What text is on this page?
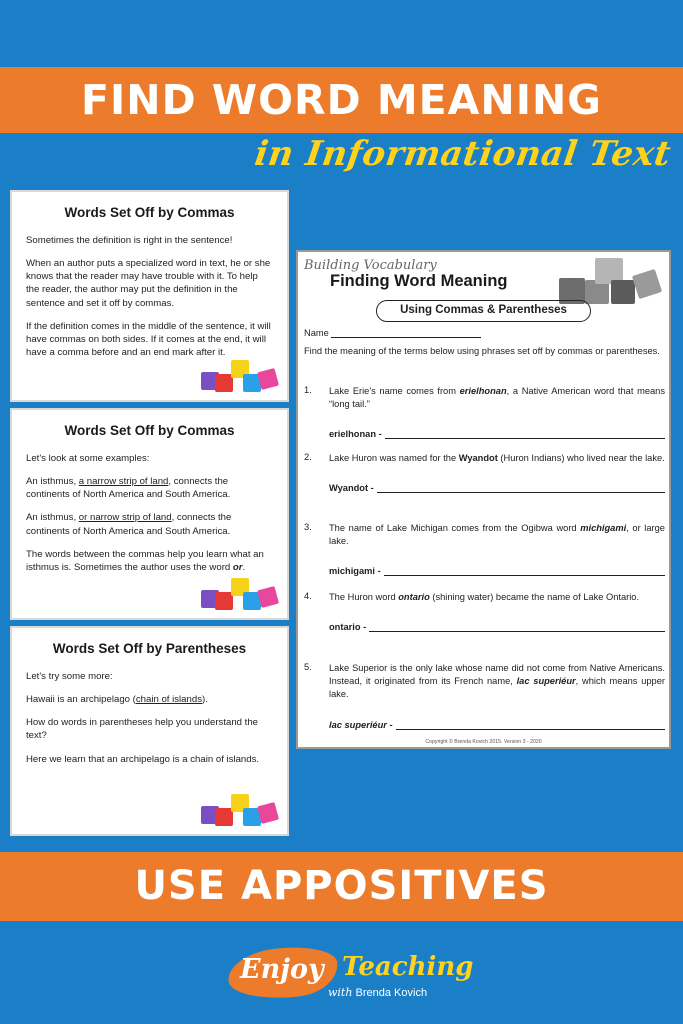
FIND WORD MEANING
in Informational Text
Words Set Off by Commas

Sometimes the definition is right in the sentence!

When an author puts a specialized word in text, he or she knows that the reader may have trouble with it. To help the reader, the author may put the definition in the sentence and set it off by commas.

If the definition comes in the middle of the sentence, it will have commas on both sides. If it comes at the end, it will have a comma before and an end mark after it.

Words Set Off by Commas

Let's look at some examples:

An isthmus, a narrow strip of land, connects the continents of North America and South America.

An isthmus, or narrow strip of land, connects the continents of North America and South America.

The words between the commas help you learn what an isthmus is. Sometimes the author uses the word or.

Words Set Off by Parentheses

Let's try some more:

Hawaii is an archipelago (chain of islands).

How do words in parentheses help you understand the text?

Here we learn that an archipelago is a chain of islands.

Building Vocabulary
Finding Word Meaning
Using Commas & Parentheses
Name
Find the meaning of the terms below using phrases set off by commas or parentheses.
1. Lake Erie's name comes from erielhonan, a Native American word that means “long tail.”
erielhonan -
2. Lake Huron was named for the Wyandot (Huron Indians) who lived near the lake.
Wyandot -
3. The name of Lake Michigan comes from the Ogibwa word michigami, or large lake.
michigami -
4. The Huron word ontario (shining water) became the name of Lake Ontario.
ontario -
5. Lake Superior is the only lake whose name did not come from Native Americans. Instead, it originated from its French name, lac superiéur, which means upper lake.
lac superiéur -
Copyright © Brenda Kovich 2015. Version 3 - 2020
USE APPOSITIVES
Enjoy Teaching
with Brenda Kovich
